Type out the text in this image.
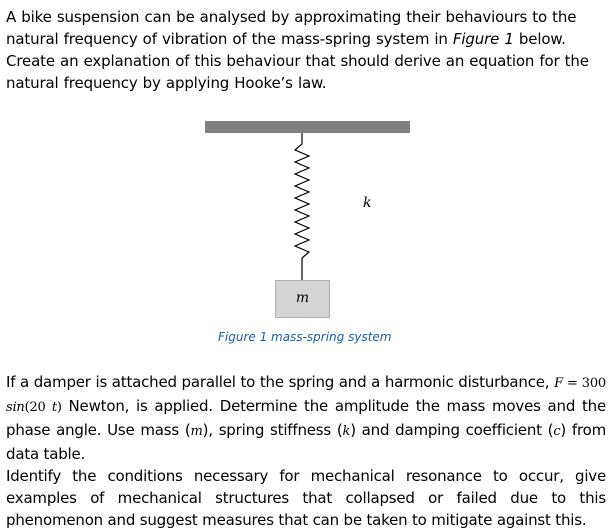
A bike suspension can be analysed by approximating their behaviours to the
natural frequency of vibration of the mass-spring system in Figure 1 below.
Create an explanation of this behaviour that should derive an equation for the
natural frequency by applying Hooke’s law.
k
m
Figure 1 mass-spring system

If a damper is attached parallel to the spring and a harmonic disturbance, F = 300 sin(20 t) Newton, is applied. Determine the amplitude the mass moves and the phase angle. Use mass (m), spring stiffness (k) and damping coefficient (c) from data table.

Identify the conditions necessary for mechanical resonance to occur, give examples of mechanical structures that collapsed or failed due to this phenomenon and suggest measures that can be taken to mitigate against this.
